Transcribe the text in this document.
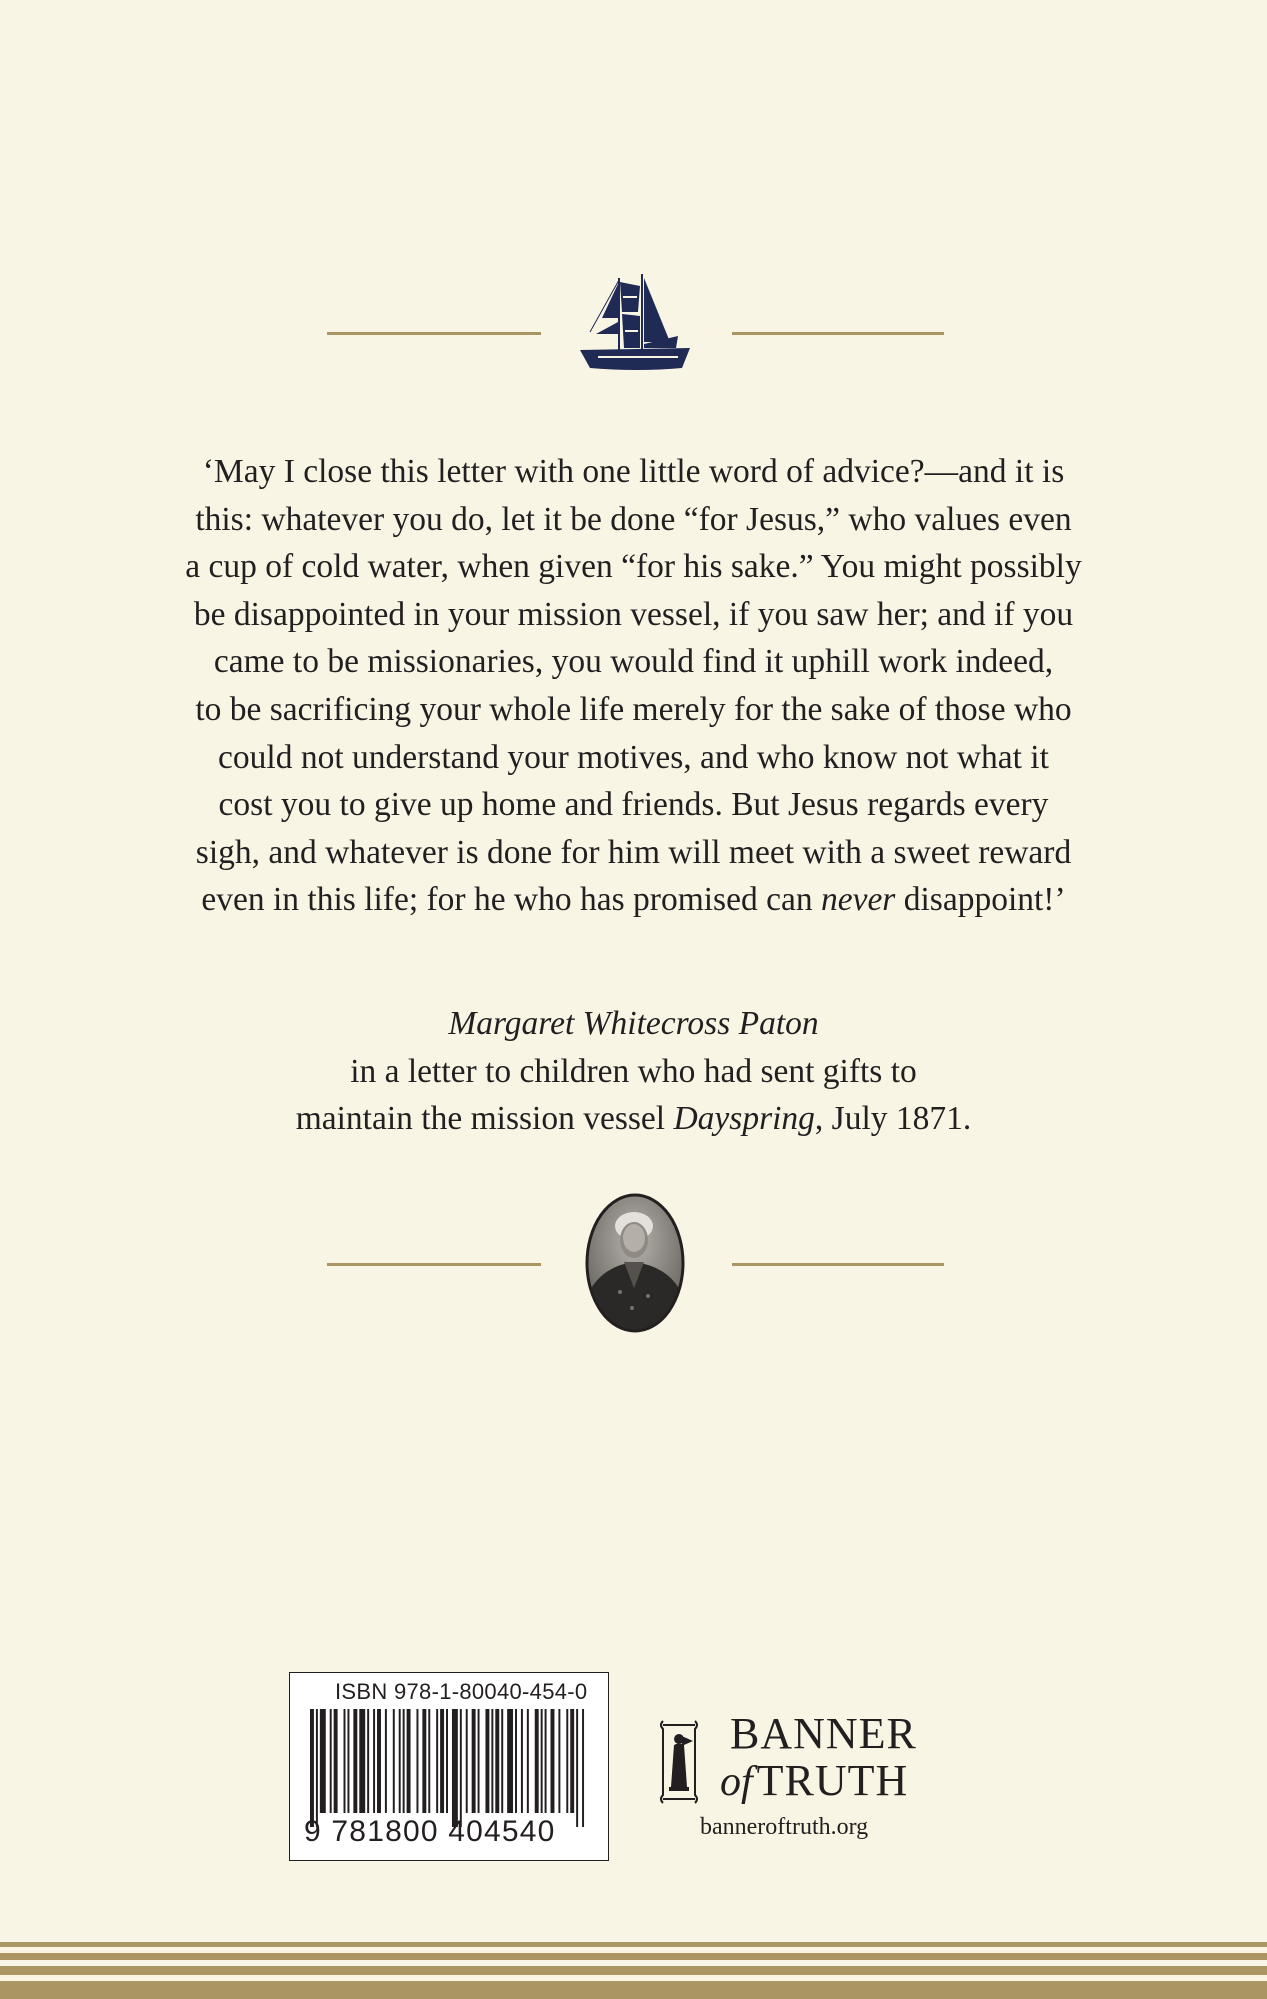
‘May I close this letter with one little word of advice?—and it is
this: whatever you do, let it be done “for Jesus,” who values even
a cup of cold water, when given “for his sake.” You might possibly
be disappointed in your mission vessel, if you saw her; and if you
came to be missionaries, you would find it uphill work indeed,
to be sacrificing your whole life merely for the sake of those who
could not understand your motives, and who know not what it
cost you to give up home and friends. But Jesus regards every
sigh, and whatever is done for him will meet with a sweet reward
even in this life; for he who has promised can never disappoint!’
Margaret Whitecross Paton
in a letter to children who had sent gifts to
maintain the mission vessel Dayspring, July 1871.
ISBN 978-1-80040-454-0
9 781800 404540
BANNER
ofTRUTH
banneroftruth.org
